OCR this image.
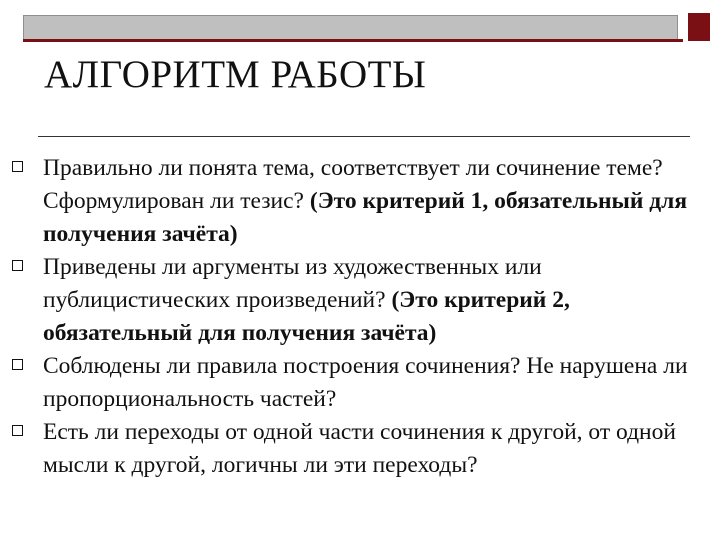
АЛГОРИТМ РАБОТЫ
Правильно ли понята тема, соответствует ли сочинение теме? Сформулирован ли тезис? (Это критерий 1, обязательный для получения зачёта)
Приведены ли аргументы из художественных или публицистических произведений? (Это критерий 2, обязательный для получения зачёта)
Соблюдены ли правила построения сочинения? Не нарушена ли пропорциональность частей?
Есть ли переходы от одной части сочинения к другой, от одной мысли к другой, логичны ли эти переходы?
